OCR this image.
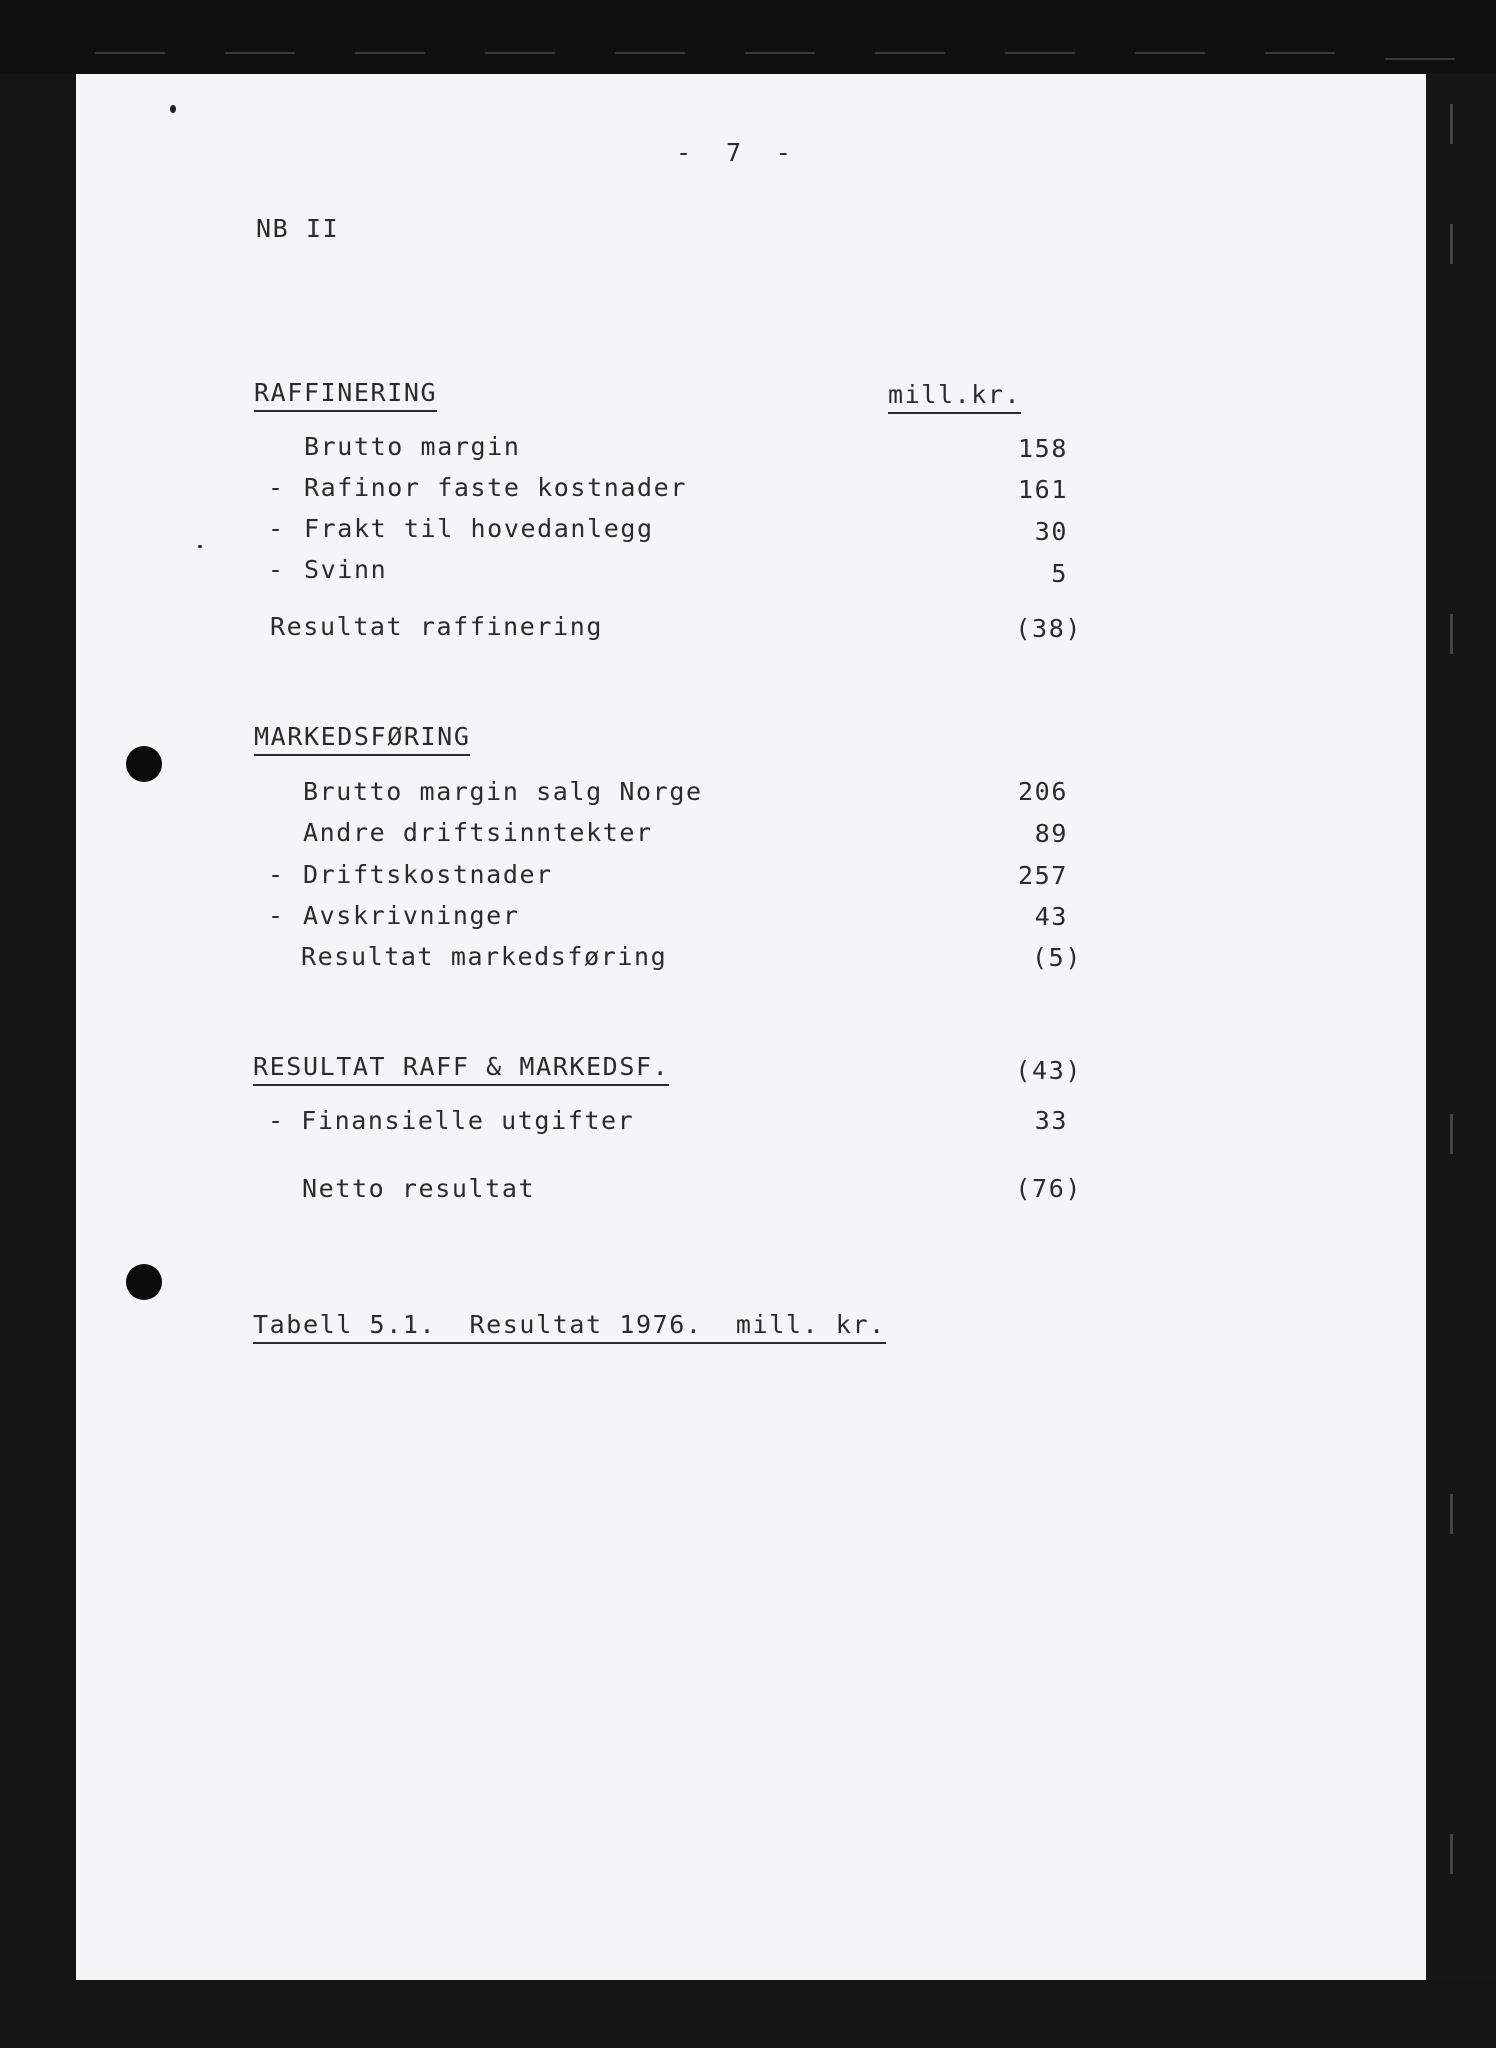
-  7  -
NB II
RAFFINERING	mill.kr.

Brutto margin	158
- Rafinor faste kostnader	161
- Frakt til hovedanlegg	30
- Svinn	5
Resultat raffinering	(38)
MARKEDSFØRING

Brutto margin salg Norge	206

Andre driftsinntekter	89
- Driftskostnader	257
- Avskrivninger	43
Resultat markedsføring	(5)
RESULTAT RAFF & MARKEDSF.	(43)
- Finansielle utgifter	33
Netto resultat	(76)
Tabell 5.1.  Resultat 1976.  mill. kr.
